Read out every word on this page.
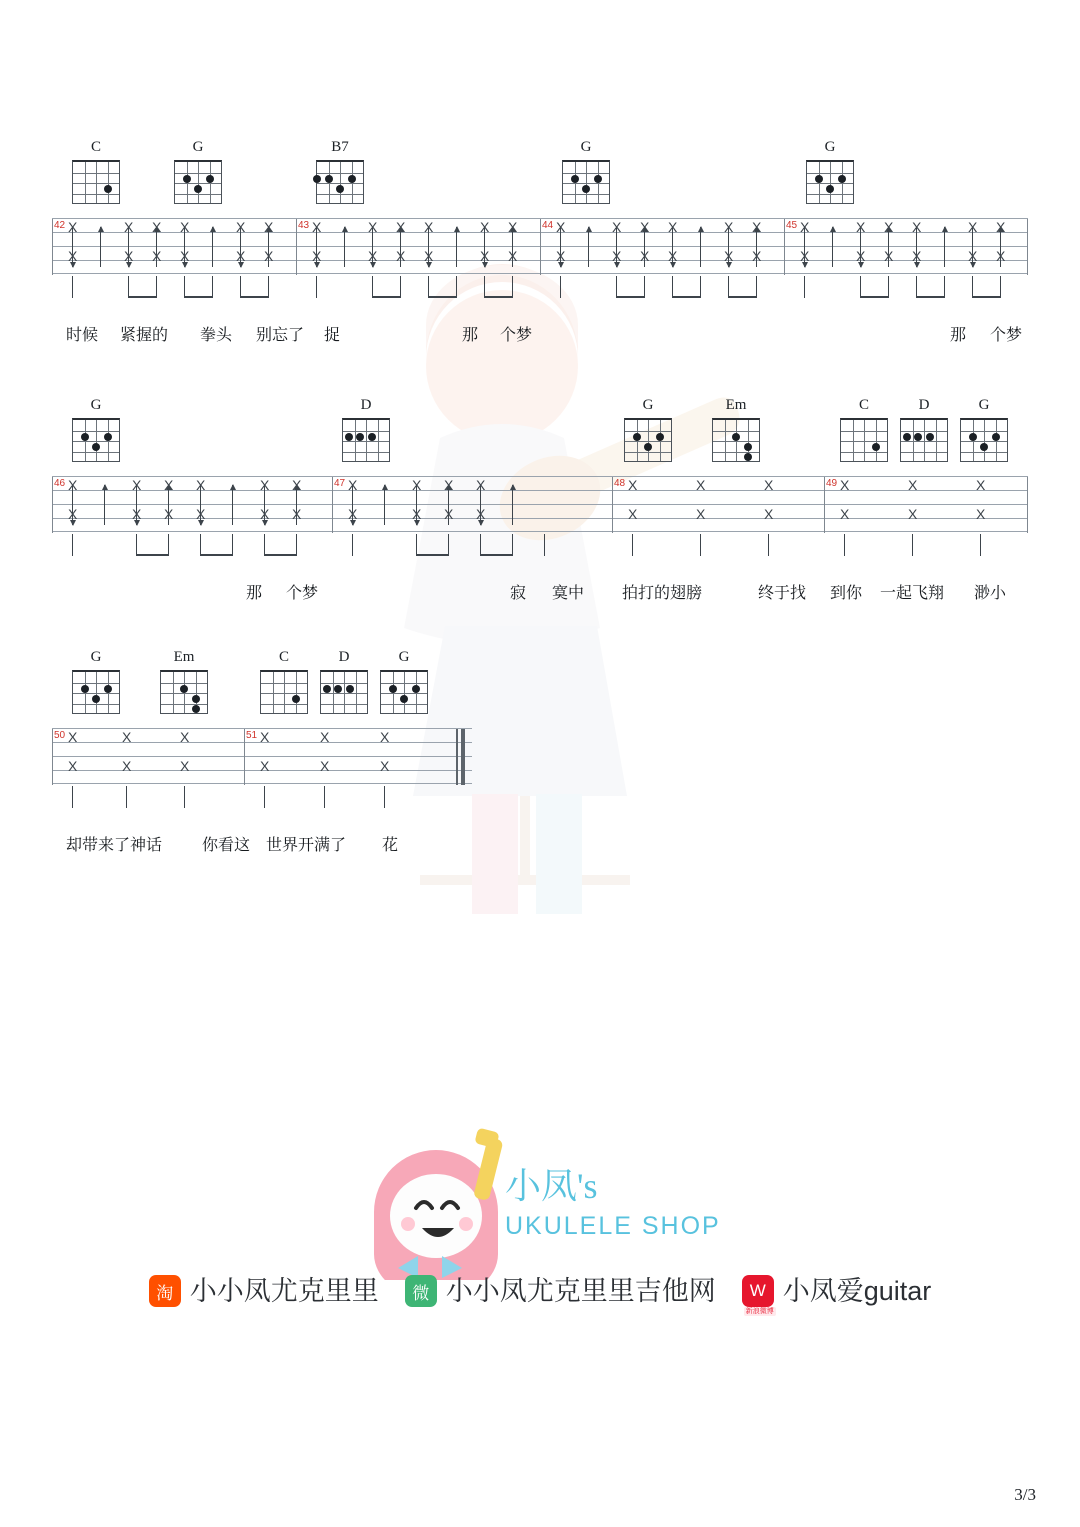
C	G	B7	G	G
42	43	44	45
X
X
X
X
X
X
X
X
X
X
X
X
X
X
X
X
X
X
X
X
X
X
X
X
X
X
X
X
X
X
X
X
X
X
X
X
X
X
X
X
X
X
X
X
X
X
X
X
时候 紧握的 拳头 别忘了 捉	那 个梦	那 个梦
G	D	G	Em	C	D	G
46	47	48	49
X
X
X
X
X
X
X
X
X
X
X
X
X
X
X
X
X
X
X
X
X
X
X
X
X
X
X
X
X
X
X
X
那 个梦	寂 寞中 拍打的翅膀	终于找 到你 一起飞翔 渺小
G	Em	C	D	G
50	51
X
X
X
X
X
X
X
X
X
X
X
X
却带来了神话 你看这 世界开满了 花
小凤's
UKULELE SHOP
淘 小小凤尤克里里	微 小小凤尤克里里吉他网	W
新浪微博
小凤爱guitar
3/3
